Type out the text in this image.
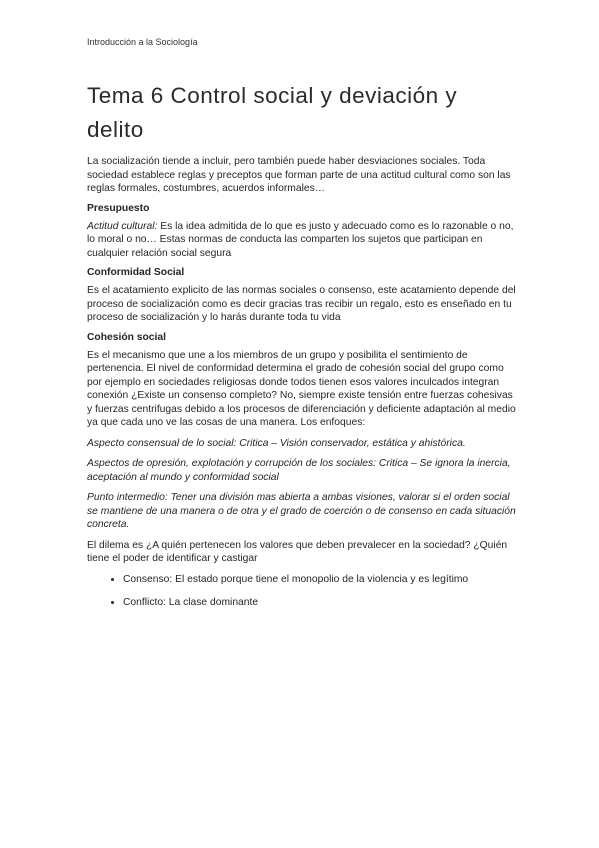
Introducción a la Sociología
Tema 6 Control social y deviación y delito

La socialización tiende a incluir, pero también puede haber desviaciones sociales. Toda sociedad establece reglas y preceptos que forman parte de una actitud cultural como son las reglas formales, costumbres, acuerdos informales…

Presupuesto

Actitud cultural: Es la idea admitida de lo que es justo y adecuado como es lo razonable o no, lo moral o no… Estas normas de conducta las comparten los sujetos que participan en cualquier relación social segura

Conformidad Social

Es el acatamiento explicito de las normas sociales o consenso, este acatamiento depende del proceso de socialización como es decir gracias tras recibir un regalo, esto es enseñado en tu proceso de socialización y lo harás durante toda tu vida

Cohesión social

Es el mecanismo que une a los miembros de un grupo y posibilita el sentimiento de pertenencia. El nivel de conformidad determina el grado de cohesión social del grupo como por ejemplo en sociedades religiosas donde todos tienen esos valores inculcados integran conexión ¿Existe un consenso completo? No, siempre existe tensión entre fuerzas cohesivas y fuerzas centrifugas debido a los procesos de diferenciación y deficiente adaptación al medio ya que cada uno ve las cosas de una manera. Los enfoques:

Aspecto consensual de lo social: Critica – Visión conservador, estática y ahistórica.

Aspectos de opresión, explotación y corrupción de los sociales: Critica – Se ignora la inercia, aceptación al mundo y conformidad social

Punto intermedio: Tener una división mas abierta a ambas visiones, valorar si el orden social se mantiene de una manera o de otra y el grado de coerción o de consenso en cada situación concreta.

El dilema es ¿A quién pertenecen los valores que deben prevalecer en la sociedad? ¿Quién tiene el poder de identificar y castigar

• Consenso: El estado porque tiene el monopolio de la violencia y es legítimo
• Conflicto: La clase dominante
